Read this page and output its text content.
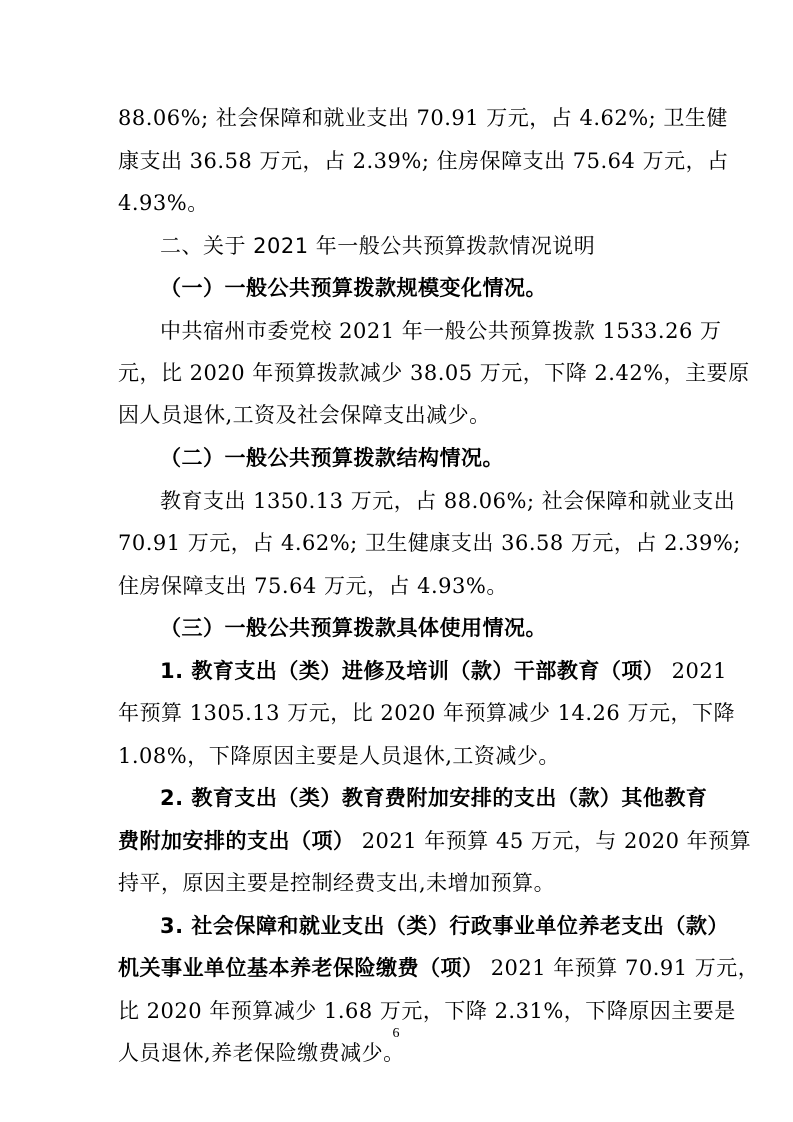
88.06%; 社会保障和就业支出 70.91 万元，占 4.62%; 卫生健
康支出 36.58 万元，占 2.39%; 住房保障支出 75.64 万元，占
4.93%。
二、关于 2021 年一般公共预算拨款情况说明
（一）一般公共预算拨款规模变化情况。
中共宿州市委党校 2021 年一般公共预算拨款 1533.26 万
元，比 2020 年预算拨款减少 38.05 万元，下降 2.42%，主要原
因人员退休,工资及社会保障支出减少。
（二）一般公共预算拨款结构情况。
教育支出 1350.13 万元，占 88.06%; 社会保障和就业支出
70.91 万元，占 4.62%; 卫生健康支出 36.58 万元，占 2.39%;
住房保障支出 75.64 万元，占 4.93%。
（三）一般公共预算拨款具体使用情况。
1. 教育支出（类）进修及培训（款）干部教育（项） 2021
年预算 1305.13 万元，比 2020 年预算减少 14.26 万元，下降
1.08%，下降原因主要是人员退休,工资减少。
2. 教育支出（类）教育费附加安排的支出（款）其他教育
费附加安排的支出（项） 2021 年预算 45 万元，与 2020 年预算
持平，原因主要是控制经费支出,未增加预算。
3. 社会保障和就业支出（类）行政事业单位养老支出（款）
机关事业单位基本养老保险缴费（项） 2021 年预算 70.91 万元，
比 2020 年预算减少 1.68 万元，下降 2.31%，下降原因主要是
人员退休,养老保险缴费减少。
6
